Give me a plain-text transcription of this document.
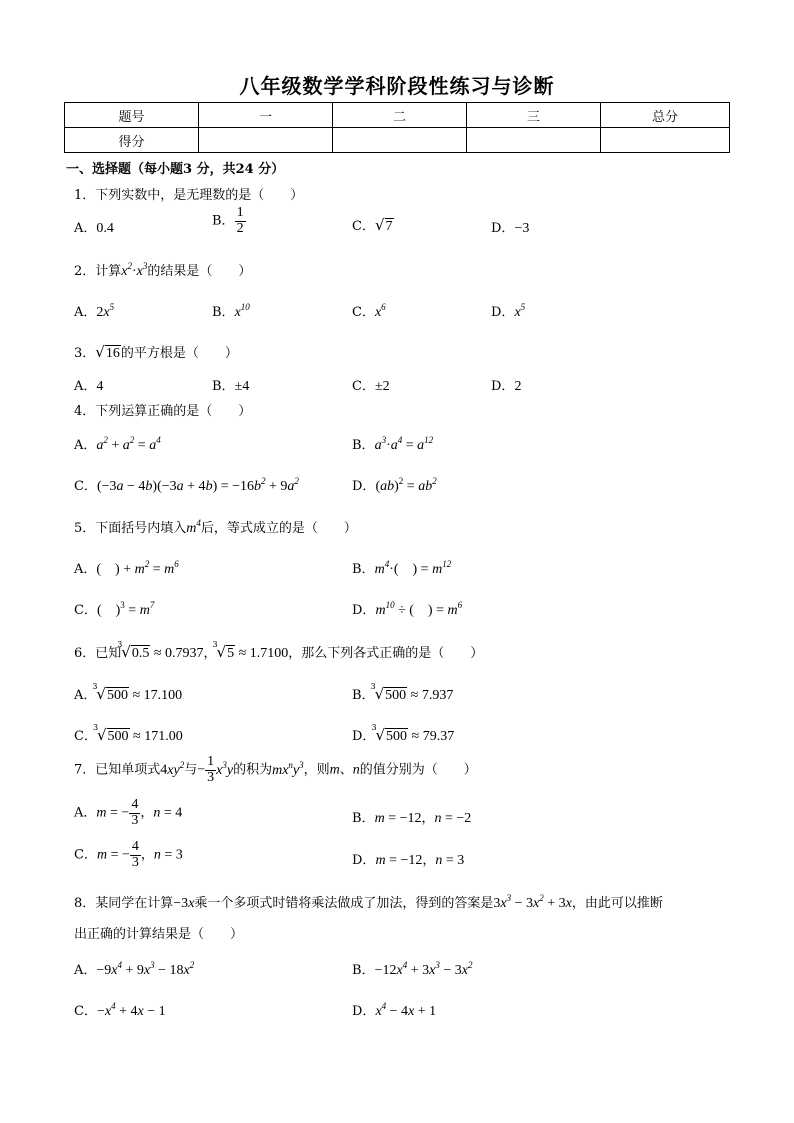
八年级数学学科阶段性练习与诊断
题号	一	二	三	总分
得分				
一、选择题（每小题3 分，共24 分）
1．下列实数中，是无理数的是（　　）
A．0.4	B． $\frac{1}{2}$	C．√7	D．−3
2．计算$x^2\cdot x^3$的结果是（　　）
A．$2x^5$	B．$x^{10}$	C．$x^6$	D．$x^5$
3．√16的平方根是（　　）
A．4	B．±4	C．±2	D．2
4．下列运算正确的是（　　）
A．$a^2 + a^2 = a^4$	B．$a^3\cdot a^4 = a^{12}$
C．$(-3a - 4b)(-3a + 4b) = -16b^2 + 9a^2$	D．$(ab)^2 = ab^2$
5．下面括号内填入$m^4$后，等式成立的是（　　）
A．(　) + $m^2 = m^6$	B．$m^4\cdot$(　) = $m^{12}$
C．(　)$^3 = m^7$	D．$m^{10}$ ÷ (　) = $m^6$
6．已知
3
√0.5 ≈ 0.7937，
3
√5 ≈ 1.7100，那么下列各式正确的是（　　）
A．
3
√500 ≈ 17.100	B．
3
√500 ≈ 7.937
C．
3
√500 ≈ 171.00	D．
3
√500 ≈ 79.37
7．已知单项式$4xy^2$与− $\frac{1}{3} x^3y$的积为$mx^ny^3$，则m、n的值分别为（　　）
A．m = − $\frac{4}{3}$ ，n = 4	B．m = −12，n = −2
C．m = − $\frac{4}{3}$ ，n = 3	D．m = −12，n = 3
8．某同学在计算−3x乘一个多项式时错将乘法做成了加法，得到的答案是$3x^3 - 3x^2 + 3x$，由此可以推断
出正确的计算结果是（　　）
A．$-9x^4 + 9x^3 - 18x^2$	B．$-12x^4 + 3x^3 - 3x^2$
C．$-x^4 + 4x - 1$	D．$x^4 - 4x + 1$
